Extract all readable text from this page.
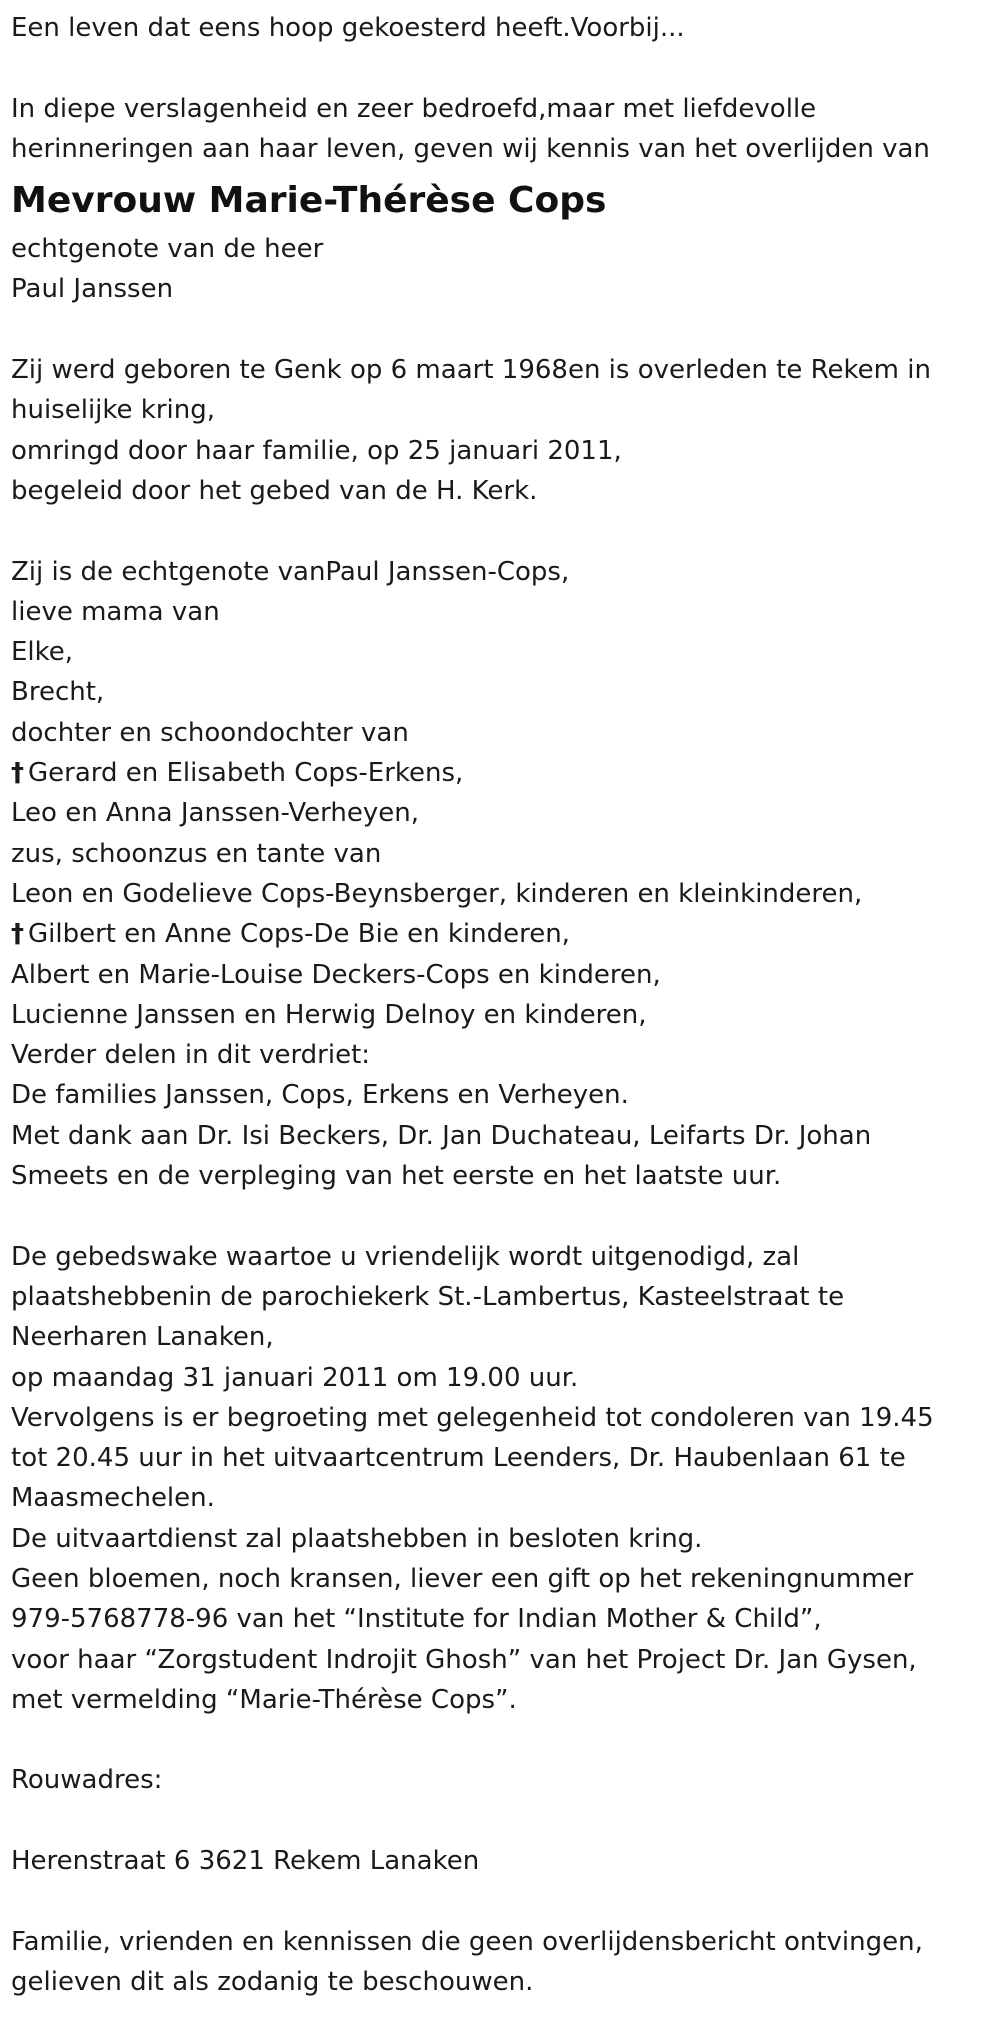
Een leven dat eens hoop gekoesterd heeft.Voorbij...
In diepe verslagenheid en zeer bedroefd,maar met liefdevolle
herinneringen aan haar leven, geven wij kennis van het overlijden van
Mevrouw Marie-Thérèse Cops
echtgenote van de heer
Paul Janssen
Zij werd geboren te Genk op 6 maart 1968en is overleden te Rekem in
huiselijke kring,
omringd door haar familie, op 25 januari 2011,
begeleid door het gebed van de H. Kerk.
Zij is de echtgenote vanPaul Janssen-Cops,
lieve mama van
Elke,
Brecht,
dochter en schoondochter van
† Gerard en Elisabeth Cops-Erkens,
Leo en Anna Janssen-Verheyen,
zus, schoonzus en tante van
Leon en Godelieve Cops-Beynsberger, kinderen en kleinkinderen,
† Gilbert en Anne Cops-De Bie en kinderen,
Albert en Marie-Louise Deckers-Cops en kinderen,
Lucienne Janssen en Herwig Delnoy en kinderen,
Verder delen in dit verdriet:
De families Janssen, Cops, Erkens en Verheyen.
Met dank aan Dr. Isi Beckers, Dr. Jan Duchateau, Leifarts Dr. Johan
Smeets en de verpleging van het eerste en het laatste uur.
De gebedswake waartoe u vriendelijk wordt uitgenodigd, zal
plaatshebbenin de parochiekerk St.-Lambertus, Kasteelstraat te
Neerharen Lanaken,
op maandag 31 januari 2011 om 19.00 uur.
Vervolgens is er begroeting met gelegenheid tot condoleren van 19.45
tot 20.45 uur in het uitvaartcentrum Leenders, Dr. Haubenlaan 61 te
Maasmechelen.
De uitvaartdienst zal plaatshebben in besloten kring.
Geen bloemen, noch kransen, liever een gift op het rekeningnummer
979-5768778-96 van het “Institute for Indian Mother & Child”,
voor haar “Zorgstudent Indrojit Ghosh” van het Project Dr. Jan Gysen,
met vermelding “Marie-Thérèse Cops”.
Rouwadres:
Herenstraat 6 3621 Rekem Lanaken
Familie, vrienden en kennissen die geen overlijdensbericht ontvingen,
gelieven dit als zodanig te beschouwen.
